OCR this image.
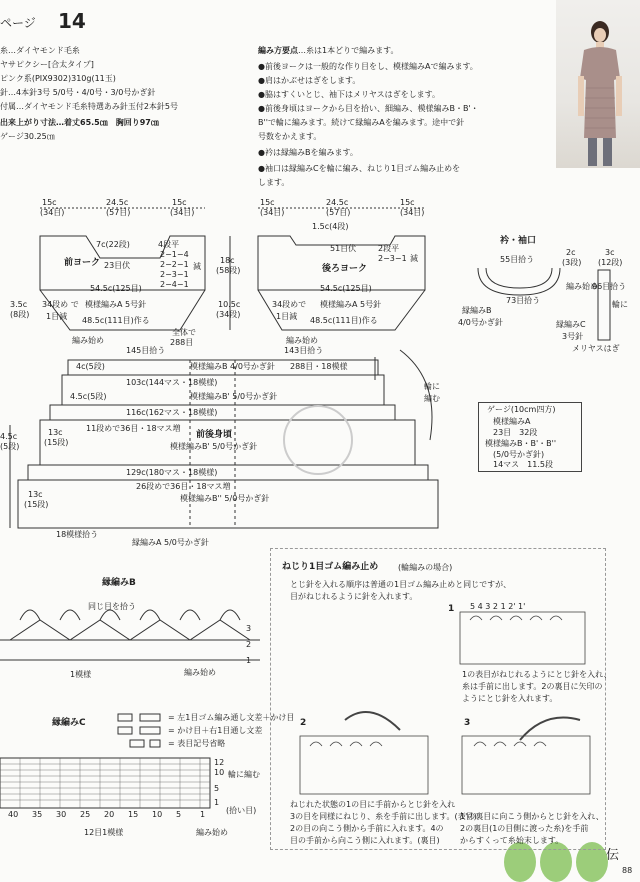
ページ 14
糸…ダイヤモンド毛糸
ヤサピクシー[合太タイプ]
ピンク系(PIX9302)310g(11玉)
針…4本針3号 5/0号・4/0号・3/0号かぎ針
付属…ダイヤモンド毛糸特選あみ針玉付2本針5号
出来上がり寸法…着丈65.5㎝　胸回り97㎝
ゲージ30.25㎝
編み方要点…糸は1本どりで編みます。
●前後ヨークは一般的な作り目をし、模様編みAで編みます。
●肩はかぶせはぎをします。
●脇はすくいとじ、袖下はメリヤスはぎをします。
●前後身頃はヨークから目を拾い、細編み、模様編みB・B'・
B''で輪に編みます。続けて縁編みAを編みます。途中で針
号数をかえます。
●衿は縁編みBを編みます。
●袖口は縁編みCを輪に編み、ねじり1目ゴム編み止めを
します。
15c
(34目)
24.5c
(57目)
15c
(34目)
前ヨーク
7c(22段)
23目伏
4段平
2−1−4
2−2−1
2−3−1
2−4−1
減
3.5c
(8段)
34段め で
1目減
模様編みA 5号針
54.5c(125目)
48.5c(111目)作る
15c
(34目)
24.5c
(57目)
15c
(34目)
1.5c(4段)
51目伏	2段平
2−3−1 減
後ろヨーク
54.5c(125目)
模様編みA 5号針
34段めで
1目減 48.5c(111目)作る
18c
(58段)
10.5c
(34段)
編み始め
145目拾う
編み始め
143目拾う
全体で
288目
4c(5段)	模様編みB 4/0号かぎ針 288目・18模様
103c(144マス・18模様)
4.5c(5段)	模様編みB' 5/0号かぎ針
116c(162マス・18模様)
13c
(15段)
11段めで36目・18マス増
模様編みB' 5/0号かぎ針
129c(180マス・18模様)
26段めで36目・18マス増
模様編みB'' 5/0号かぎ針
13c
(15段)
18模様拾う
縁編みA 5/0号かぎ針
前後身頃
4.5c
(5段)
輪に
編む
衿・袖口
55目拾う
2c
(3段)
3c
(12段)
73目拾う
縁編みB
4/0号かぎ針
96目拾う
編み始め
縁編みC
3号針
メリヤスはぎ
輪に
ゲージ(10cm四方)
模様編みA
23目　32段
模様編みB・B'・B''
(5/0号かぎ針)
14マス　11.5段
縁編みB
同じ目を拾う
3
2
1
1模様	編み始め
縁編みC
= 左1目ゴム編み通し文差＋かけ目
= かけ目＋右1目通し文差
= 表目記号省略
40 35 30 25 20 15 10 5 1
12
10
5
1
輪に編む
(拾い目)
12目1模様	編み始め
ねじり1目ゴム編み止め (輪編みの場合)
とじ針を入れる順序は普通の1目ゴム編み止めと同じですが、
目がねじれるように針を入れます。
1 5 4 3 2 1 2' 1'
1の表目がねじれるようにとじ針を入れ、
糸は手前に出します。2の裏目に矢印の
ようにとじ針を入れます。
2	3
ねじれた状態の1の目に手前からとじ針を入れ
3の目を同様にねじり、糸を手前に出します。(表目)
2の目の向こう側から手前に入れます。4の
目の手前から向こう側に入れます。(裏目)
1'の裏目に向こう側からとじ針を入れ、
2の裏目(1の目側に渡った糸)を手前
からすくって糸始末します。
伝
88
